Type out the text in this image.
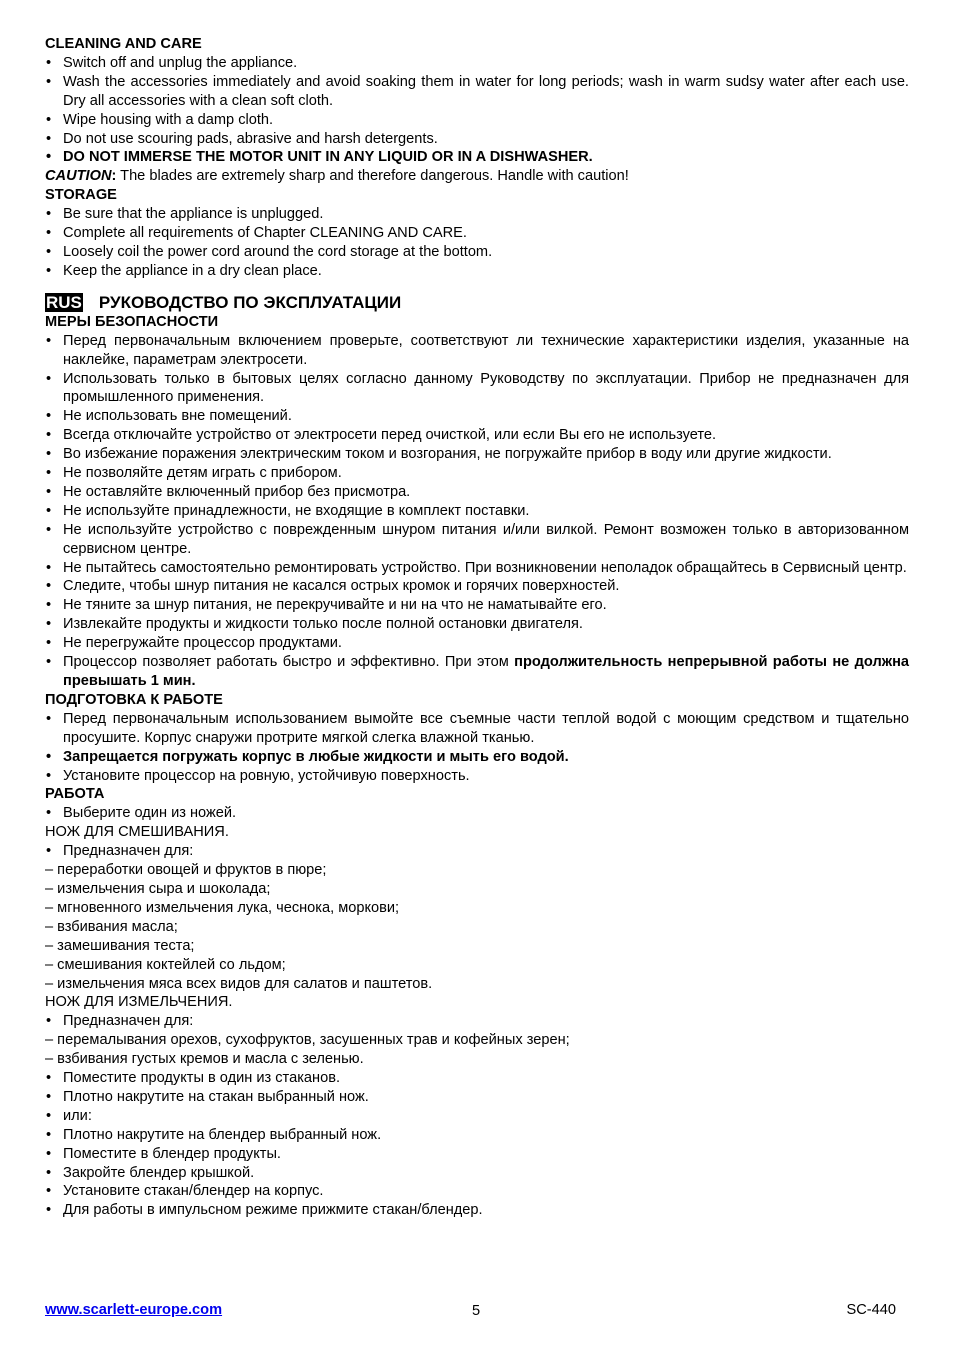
CLEANING AND CARE
• Switch off and unplug the appliance.
• Wash the accessories immediately and avoid soaking them in water for long periods; wash in warm sudsy water after each use. Dry all accessories with a clean soft cloth.
• Wipe housing with a damp cloth.
• Do not use scouring pads, abrasive and harsh detergents.
• DO NOT IMMERSE THE MOTOR UNIT IN ANY LIQUID OR IN A DISHWASHER.
CAUTION: The blades are extremely sharp and therefore dangerous. Handle with caution!
STORAGE
• Be sure that the appliance is unplugged.
• Complete all requirements of Chapter CLEANING AND CARE.
• Loosely coil the power cord around the cord storage at the bottom.
• Keep the appliance in a dry clean place.
RUS РУКОВОДСТВО ПО ЭКСПЛУАТАЦИИ
МЕРЫ БЕЗОПАСНОСТИ
• Перед первоначальным включением проверьте, соответствуют ли технические характеристики изделия, указанные на наклейке, параметрам электросети.
• Использовать только в бытовых целях согласно данному Руководству по эксплуатации. Прибор не предназначен для промышленного применения.
• Не использовать вне помещений.
• Всегда отключайте устройство от электросети перед очисткой, или если Вы его не используете.
• Во избежание поражения электрическим током и возгорания, не погружайте прибор в воду или другие жидкости.
• Не позволяйте детям играть с прибором.
• Не оставляйте включенный прибор без присмотра.
• Не используйте принадлежности, не входящие в комплект поставки.
• Не используйте устройство с поврежденным шнуром питания и/или вилкой. Ремонт возможен только в авторизованном сервисном центре.
• Не пытайтесь самостоятельно ремонтировать устройство. При возникновении неполадок обращайтесь в Сервисный центр.
• Следите, чтобы шнур питания не касался острых кромок и горячих поверхностей.
• Не тяните за шнур питания, не перекручивайте и ни на что не наматывайте его.
• Извлекайте продукты и жидкости только после полной остановки двигателя.
• Не перегружайте процессор продуктами.
• Процессор позволяет работать быстро и эффективно. При этом продолжительность непрерывной работы не должна превышать 1 мин.
ПОДГОТОВКА К РАБОТЕ
• Перед первоначальным использованием вымойте все съемные части теплой водой с моющим средством и тщательно просушите. Корпус снаружи протрите мягкой слегка влажной тканью.
• Запрещается погружать корпус в любые жидкости и мыть его водой.
• Установите процессор на ровную, устойчивую поверхность.
РАБОТА
• Выберите один из ножей.
НОЖ ДЛЯ СМЕШИВАНИЯ.
• Предназначен для:
– переработки овощей и фруктов в пюре;
– измельчения сыра и шоколада;
– мгновенного измельчения лука, чеснока, моркови;
– взбивания масла;
– замешивания теста;
– смешивания коктейлей со льдом;
– измельчения мяса всех видов для салатов и паштетов.
НОЖ ДЛЯ ИЗМЕЛЬЧЕНИЯ.
• Предназначен для:
– перемалывания орехов, сухофруктов, засушенных трав и кофейных зерен;
– взбивания густых кремов и масла с зеленью.
• Поместите продукты в один из стаканов.
• Плотно накрутите на стакан выбранный нож.
• или:
• Плотно накрутите на блендер выбранный нож.
• Поместите в блендер продукты.
• Закройте блендер крышкой.
• Установите стакан/блендер на корпус.
• Для работы в импульсном режиме прижмите стакан/блендер.
www.scarlett-europe.com	5	SC-440
